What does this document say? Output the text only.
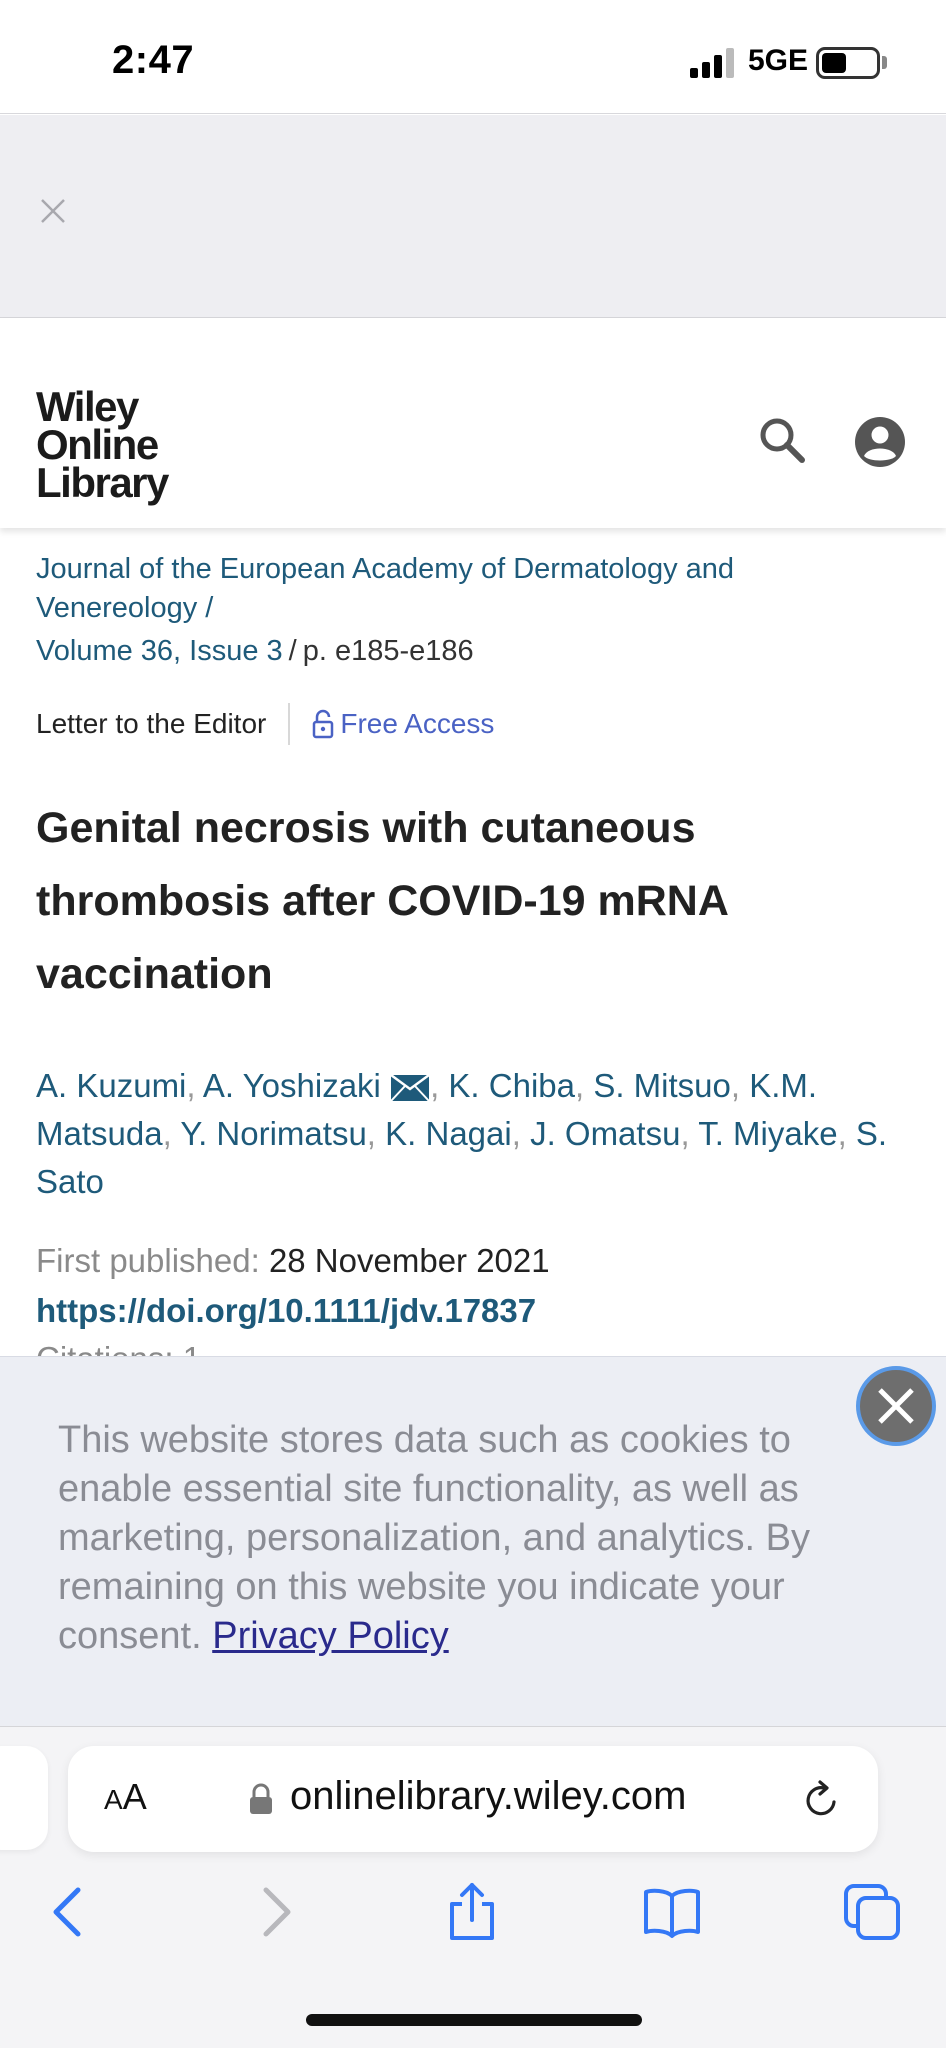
2:47	5GE
Wiley
Online
Library
Journal of the European Academy of Dermatology and Venereology /
Volume 36, Issue 3 / p. e185-e186
Letter to the Editor	Free Access
Genital necrosis with cutaneous thrombosis after COVID-19 mRNA vaccination
A. Kuzumi, A. Yoshizaki , K. Chiba, S. Mitsuo, K.M. Matsuda, Y. Norimatsu, K. Nagai, J. Omatsu, T. Miyake, S. Sato
First published: 28 November 2021
https://doi.org/10.1111/jdv.17837
This website stores data such as cookies to enable essential site functionality, as well as marketing, personalization, and analytics. By remaining on this website you indicate your consent. Privacy Policy
AA	onlinelibrary.wiley.com
